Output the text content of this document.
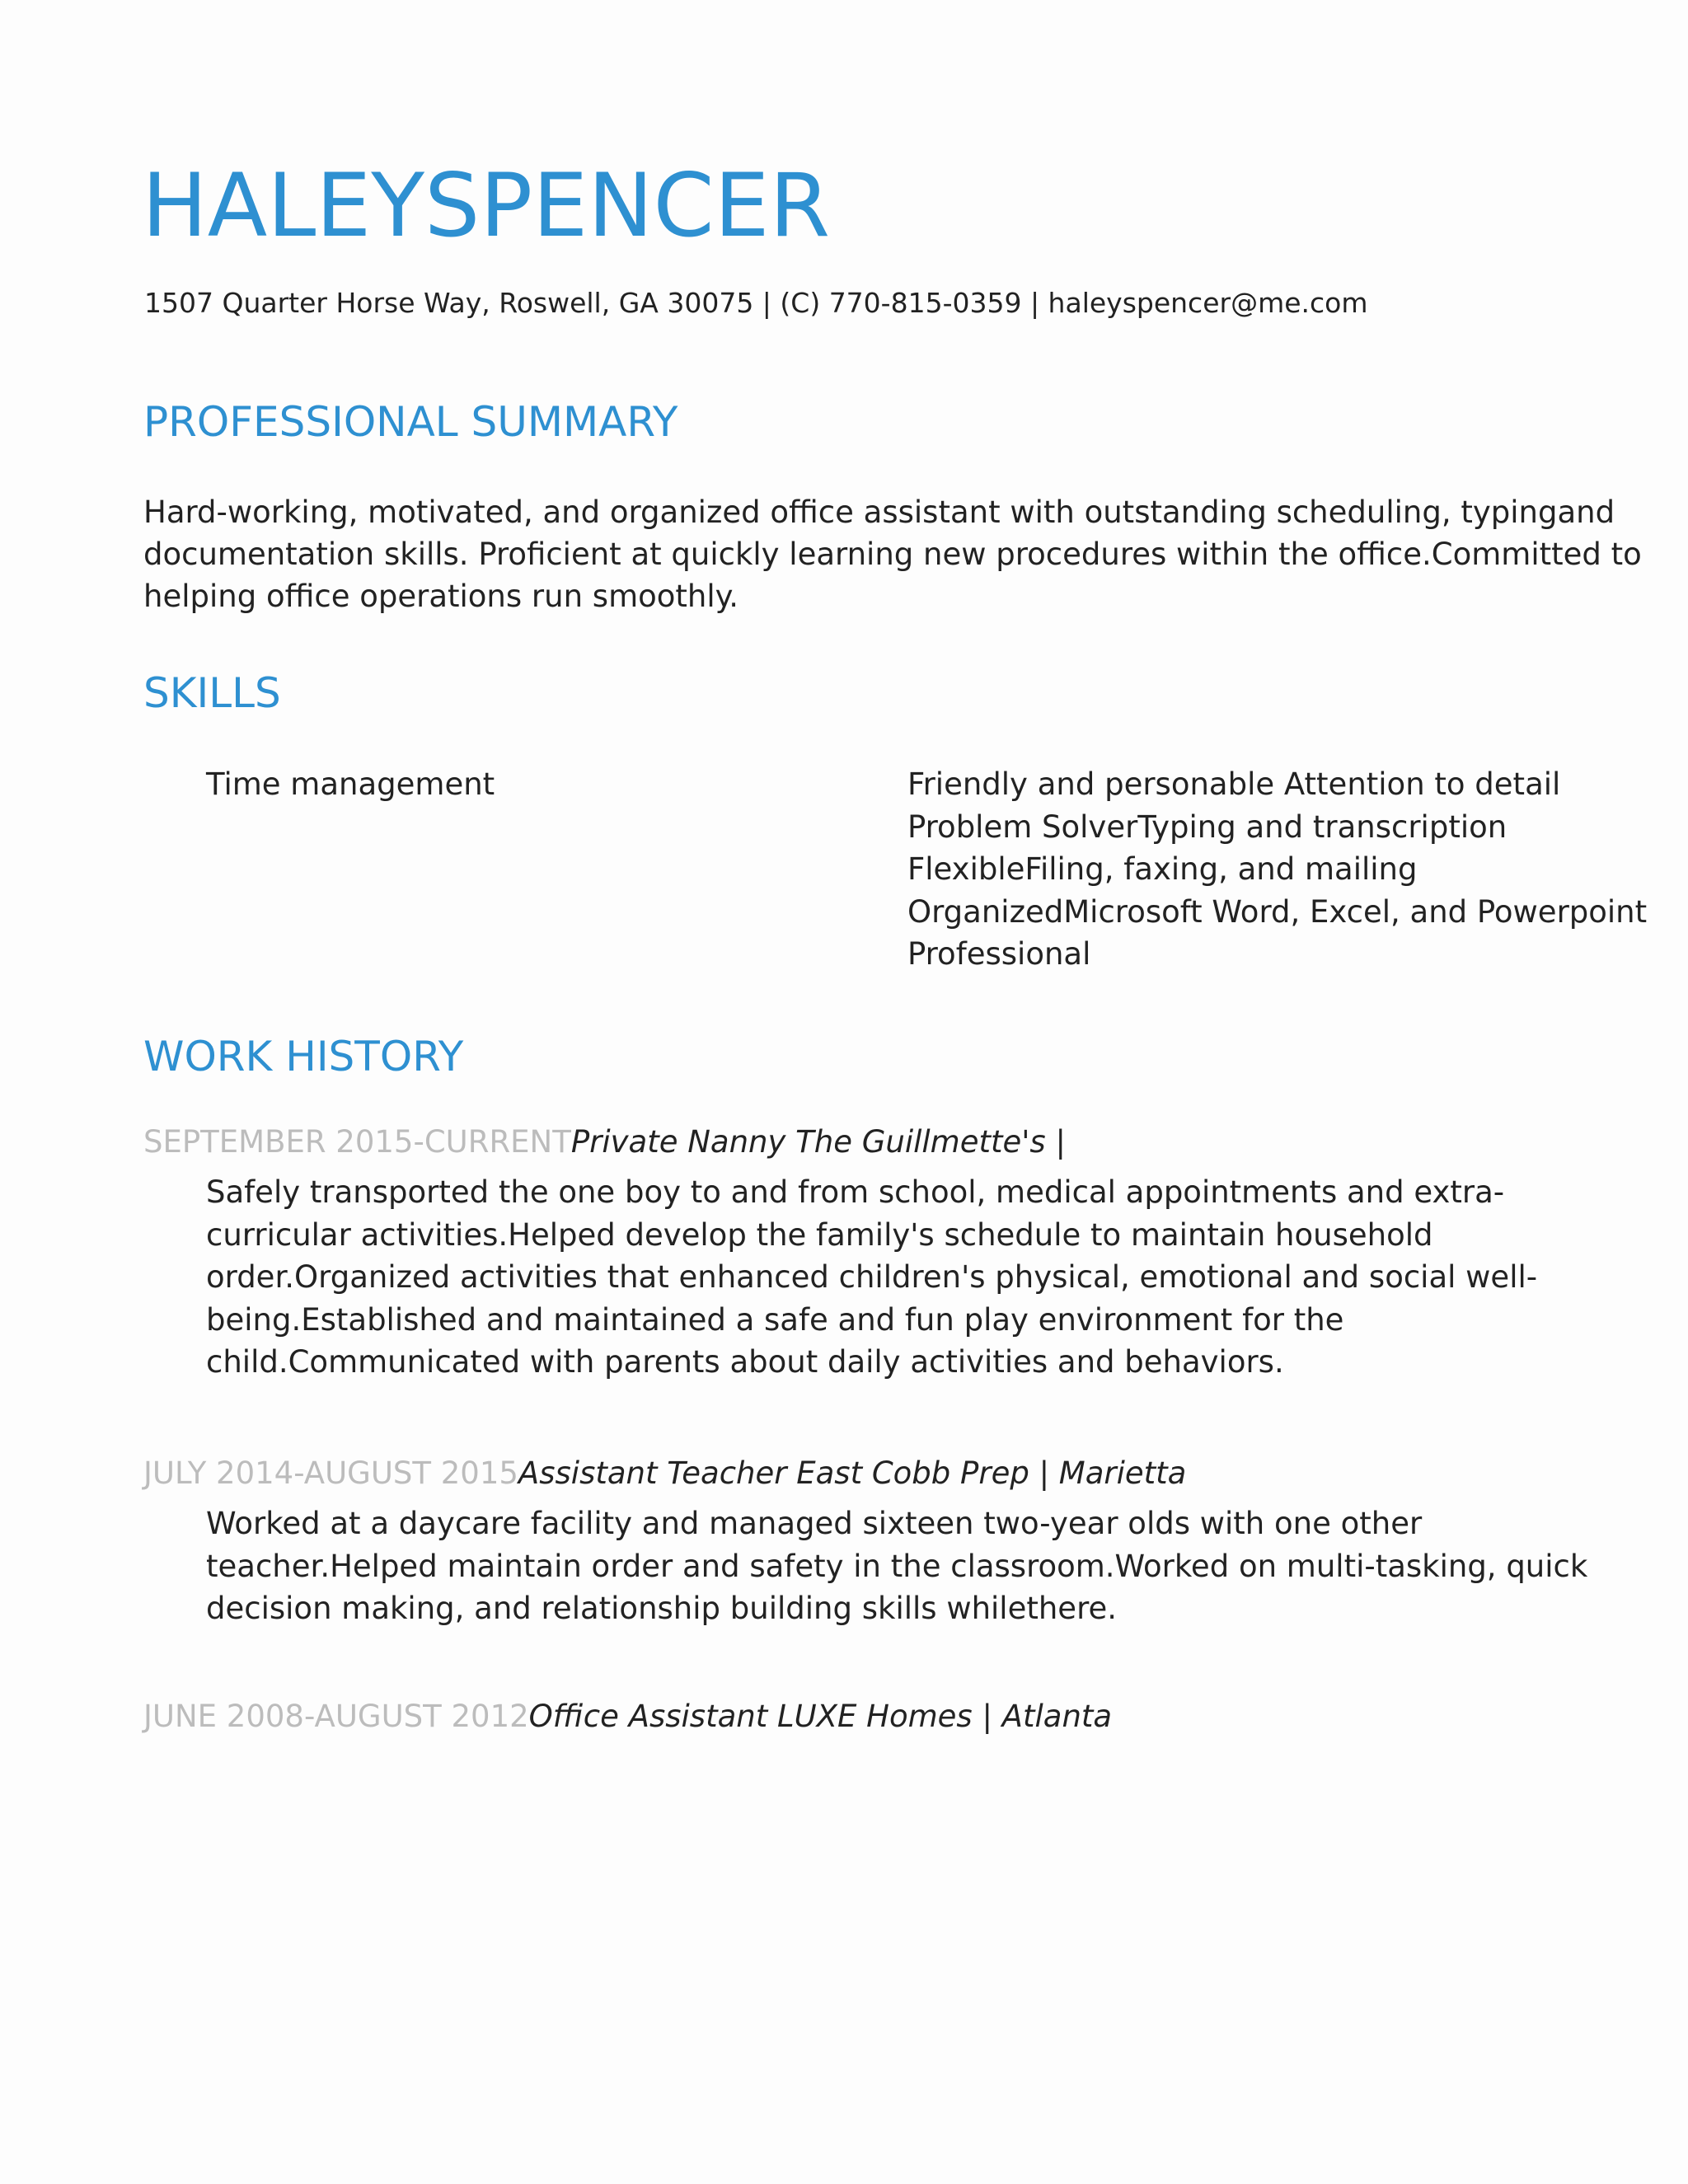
HALEYSPENCER

1507 Quarter Horse Way, Roswell, GA 30075 | (C) 770-815-0359 | haleyspencer@me.com

PROFESSIONAL SUMMARY

Hard-working, motivated, and organized office assistant with outstanding scheduling, typingand documentation skills. Proficient at quickly learning new procedures within the office.Committed to helping office operations run smoothly.

SKILLS
Time management	Friendly and personable Attention to detail
Problem SolverTyping and transcription
FlexibleFiling, faxing, and mailing
OrganizedMicrosoft Word, Excel, and Powerpoint
Professional
WORK HISTORY

SEPTEMBER 2015-CURRENTPrivate Nanny The Guillmette's |

Safely transported the one boy to and from school, medical appointments and extra-curricular activities.Helped develop the family's schedule to maintain household order.Organized activities that enhanced children's physical, emotional and social well-being.Established and maintained a safe and fun play environment for the child.Communicated with parents about daily activities and behaviors.

JULY 2014-AUGUST 2015Assistant Teacher East Cobb Prep | Marietta

Worked at a daycare facility and managed sixteen two-year olds with one other teacher.Helped maintain order and safety in the classroom.Worked on multi-tasking, quick decision making, and relationship building skills whilethere.

JUNE 2008-AUGUST 2012Office Assistant LUXE Homes | Atlanta
